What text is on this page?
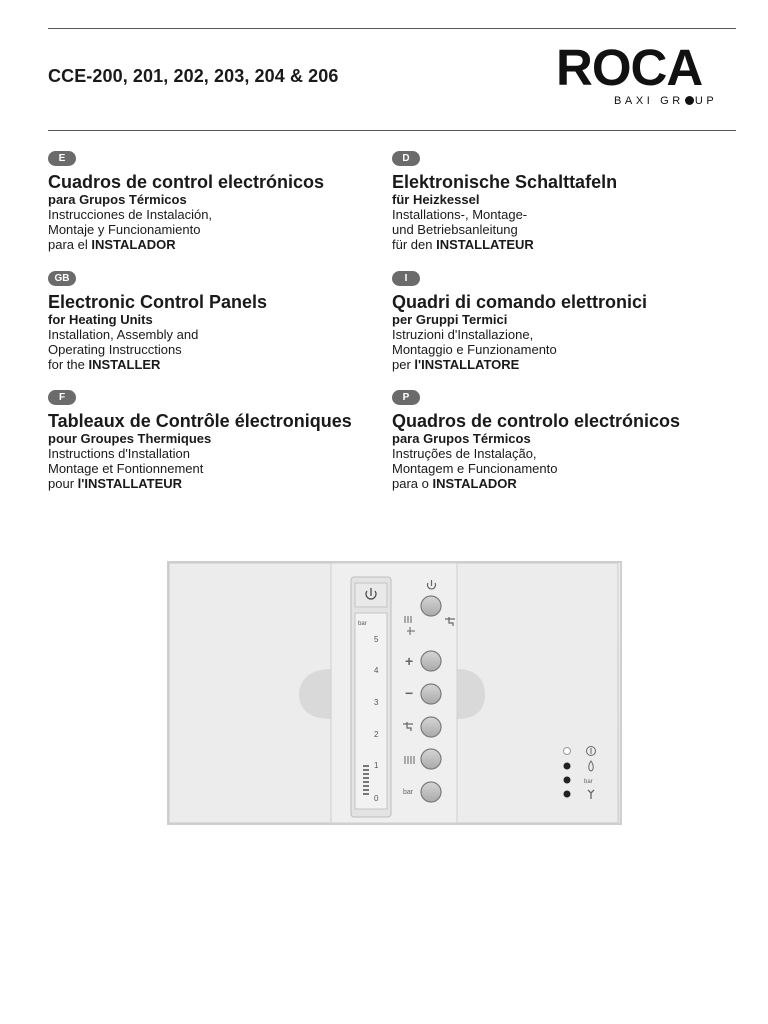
CCE-200, 201, 202, 203, 204 & 206	ROCA
BAXI GR UP
E
Cuadros de control electrónicos
para Grupos Térmicos
Instrucciones de Instalación,
Montaje y Funcionamiento
para el INSTALADOR
D
Elektronische Schalttafeln
für Heizkessel
Installations-, Montage-
und Betriebsanleitung
für den INSTALLATEUR
GB
Electronic Control Panels
for Heating Units
Installation, Assembly and
Operating Instrucctions
for the INSTALLER
I
Quadri di comando elettronici
per Gruppi Termici
Istruzioni d'Installazione,
Montaggio e Funzionamento
per l'INSTALLATORE
F
Tableaux de Contrôle électroniques
pour Groupes Thermiques
Instructions d'Installation
Montage et Fontionnement
pour l'INSTALLATEUR
P
Quadros de controlo electrónicos
para Grupos Térmicos
Instruções de Instalação,
Montagem e Funcionamento
para o INSTALADOR
bar
5
4
3
2
1
0
+
−
bar
bar
